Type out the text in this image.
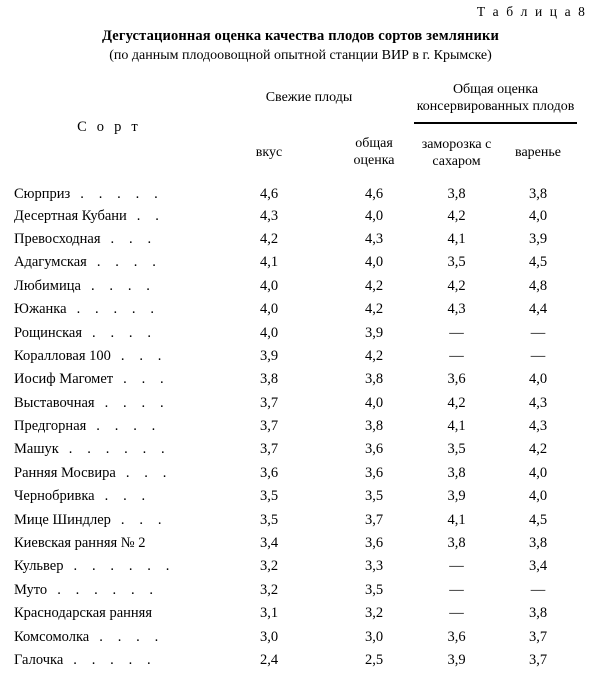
Т а б л и ц а 8
Дегустационная оценка качества плодов сортов земляники
(по данным плодоовощной опытной станции ВИР в г. Крымске)
С о р т	Свежие плоды		Общая оценка консервированных плодов	

	вкус	общая оценка	заморозка с сахаром	варенье
Сюрприз . . . . .	4,6	4,6	3,8	3,8
Десертная Кубани . .	4,3	4,0	4,2	4,0
Превосходная . . .	4,2	4,3	4,1	3,9
Адагумская . . . .	4,1	4,0	3,5	4,5
Любимица . . . .	4,0	4,2	4,2	4,8
Южанка . . . . .	4,0	4,2	4,3	4,4
Рощинская . . . .	4,0	3,9	—	—
Коралловая 100 . . .	3,9	4,2	—	—
Иосиф Магомет . . .	3,8	3,8	3,6	4,0
Выставочная . . . .	3,7	4,0	4,2	4,3
Предгорная . . . .	3,7	3,8	4,1	4,3
Машук . . . . . .	3,7	3,6	3,5	4,2
Ранняя Мосвира . . .	3,6	3,6	3,8	4,0
Чернобривка . . .	3,5	3,5	3,9	4,0
Мице Шиндлер . . .	3,5	3,7	4,1	4,5
Киевская ранняя № 2	3,4	3,6	3,8	3,8
Кульвер . . . . . .	3,2	3,3	—	3,4
Муто . . . . . .	3,2	3,5	—	—
Краснодарская ранняя	3,1	3,2	—	3,8
Комсомолка . . . .	3,0	3,0	3,6	3,7
Галочка . . . . .	2,4	2,5	3,9	3,7
